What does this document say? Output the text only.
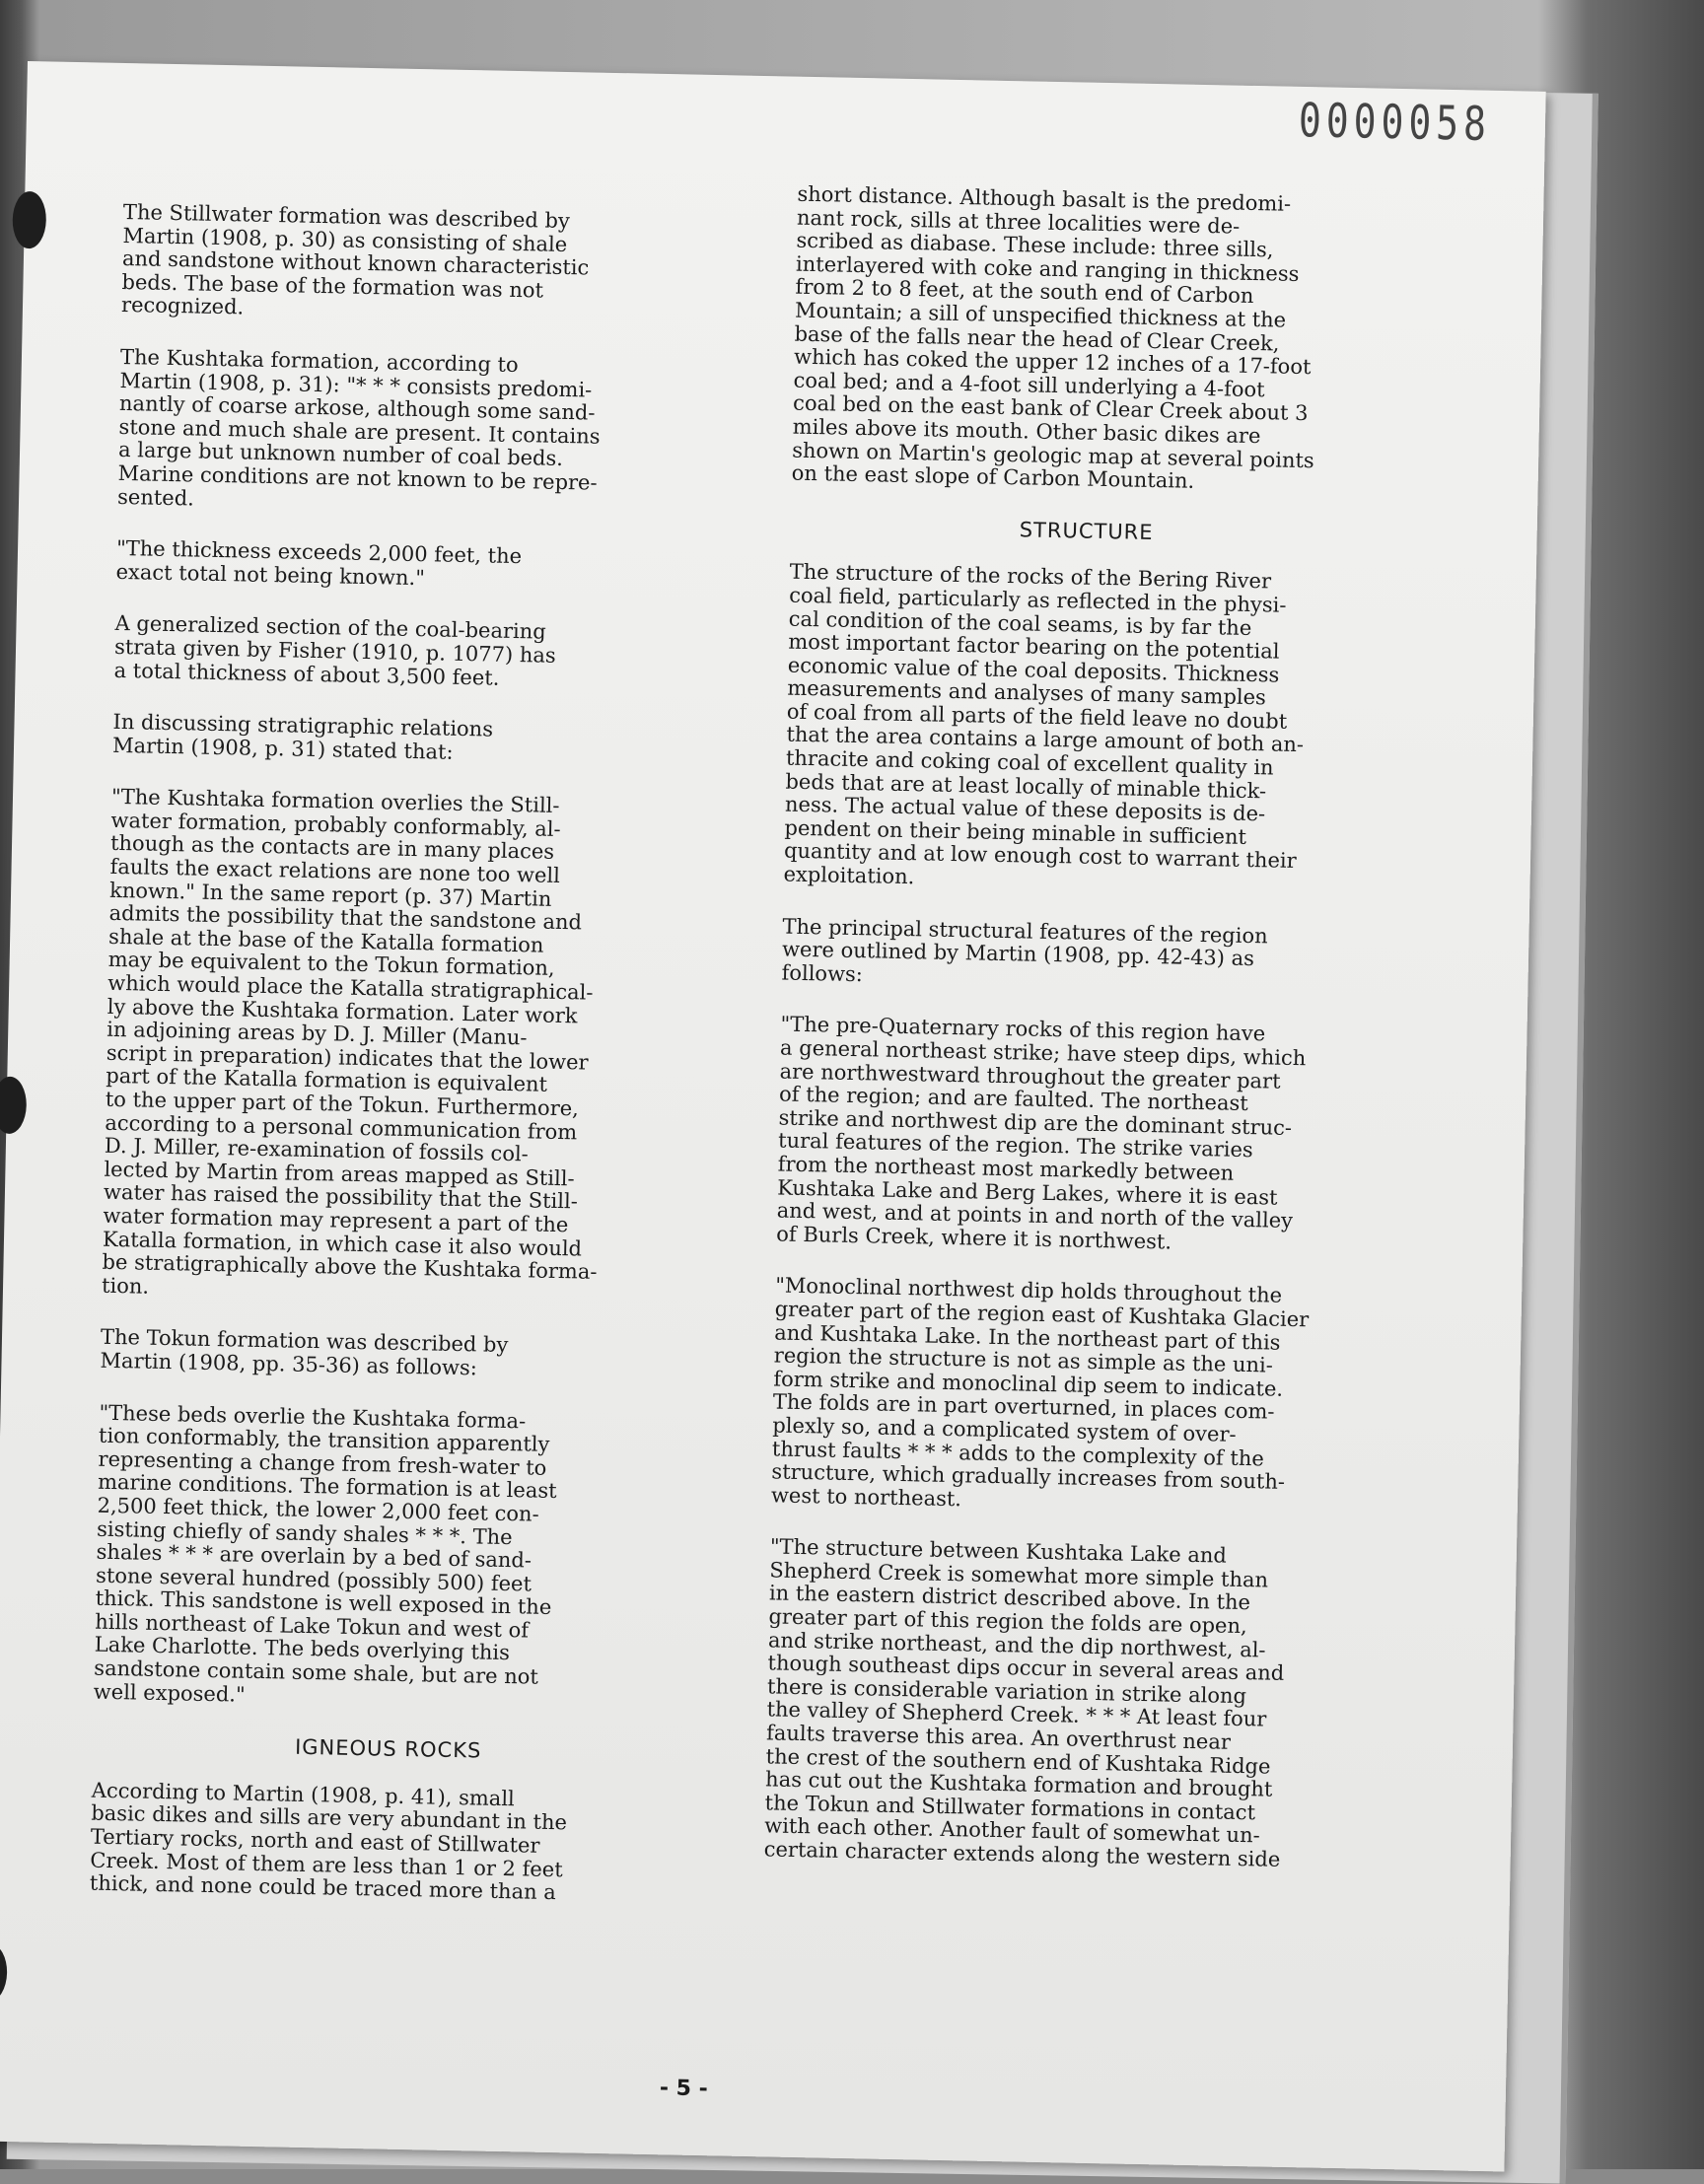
0000058
The Stillwater formation was described by
Martin (1908, p. 30) as consisting of shale
and sandstone without known characteristic
beds. The base of the formation was not
recognized.
The Kushtaka formation, according to
Martin (1908, p. 31): "* * * consists predomi-
nantly of coarse arkose, although some sand-
stone and much shale are present. It contains
a large but unknown number of coal beds.
Marine conditions are not known to be repre-
sented.
"The thickness exceeds 2,000 feet, the
exact total not being known."
A generalized section of the coal-bearing
strata given by Fisher (1910, p. 1077) has
a total thickness of about 3,500 feet.
In discussing stratigraphic relations
Martin (1908, p. 31) stated that:
"The Kushtaka formation overlies the Still-
water formation, probably conformably, al-
though as the contacts are in many places
faults the exact relations are none too well
known." In the same report (p. 37) Martin
admits the possibility that the sandstone and
shale at the base of the Katalla formation
may be equivalent to the Tokun formation,
which would place the Katalla stratigraphical-
ly above the Kushtaka formation. Later work
in adjoining areas by D. J. Miller (Manu-
script in preparation) indicates that the lower
part of the Katalla formation is equivalent
to the upper part of the Tokun. Furthermore,
according to a personal communication from
D. J. Miller, re-examination of fossils col-
lected by Martin from areas mapped as Still-
water has raised the possibility that the Still-
water formation may represent a part of the
Katalla formation, in which case it also would
be stratigraphically above the Kushtaka forma-
tion.
The Tokun formation was described by
Martin (1908, pp. 35-36) as follows:
"These beds overlie the Kushtaka forma-
tion conformably, the transition apparently
representing a change from fresh-water to
marine conditions. The formation is at least
2,500 feet thick, the lower 2,000 feet con-
sisting chiefly of sandy shales * * *. The
shales * * * are overlain by a bed of sand-
stone several hundred (possibly 500) feet
thick. This sandstone is well exposed in the
hills northeast of Lake Tokun and west of
Lake Charlotte. The beds overlying this
sandstone contain some shale, but are not
well exposed."
IGNEOUS ROCKS
According to Martin (1908, p. 41), small
basic dikes and sills are very abundant in the
Tertiary rocks, north and east of Stillwater
Creek. Most of them are less than 1 or 2 feet
thick, and none could be traced more than a
short distance. Although basalt is the predomi-
nant rock, sills at three localities were de-
scribed as diabase. These include: three sills,
interlayered with coke and ranging in thickness
from 2 to 8 feet, at the south end of Carbon
Mountain; a sill of unspecified thickness at the
base of the falls near the head of Clear Creek,
which has coked the upper 12 inches of a 17-foot
coal bed; and a 4-foot sill underlying a 4-foot
coal bed on the east bank of Clear Creek about 3
miles above its mouth. Other basic dikes are
shown on Martin's geologic map at several points
on the east slope of Carbon Mountain.
STRUCTURE
The structure of the rocks of the Bering River
coal field, particularly as reflected in the physi-
cal condition of the coal seams, is by far the
most important factor bearing on the potential
economic value of the coal deposits. Thickness
measurements and analyses of many samples
of coal from all parts of the field leave no doubt
that the area contains a large amount of both an-
thracite and coking coal of excellent quality in
beds that are at least locally of minable thick-
ness. The actual value of these deposits is de-
pendent on their being minable in sufficient
quantity and at low enough cost to warrant their
exploitation.
The principal structural features of the region
were outlined by Martin (1908, pp. 42-43) as
follows:
"The pre-Quaternary rocks of this region have
a general northeast strike; have steep dips, which
are northwestward throughout the greater part
of the region; and are faulted. The northeast
strike and northwest dip are the dominant struc-
tural features of the region. The strike varies
from the northeast most markedly between
Kushtaka Lake and Berg Lakes, where it is east
and west, and at points in and north of the valley
of Burls Creek, where it is northwest.
"Monoclinal northwest dip holds throughout the
greater part of the region east of Kushtaka Glacier
and Kushtaka Lake. In the northeast part of this
region the structure is not as simple as the uni-
form strike and monoclinal dip seem to indicate.
The folds are in part overturned, in places com-
plexly so, and a complicated system of over-
thrust faults * * * adds to the complexity of the
structure, which gradually increases from south-
west to northeast.
"The structure between Kushtaka Lake and
Shepherd Creek is somewhat more simple than
in the eastern district described above. In the
greater part of this region the folds are open,
and strike northeast, and the dip northwest, al-
though southeast dips occur in several areas and
there is considerable variation in strike along
the valley of Shepherd Creek. * * * At least four
faults traverse this area. An overthrust near
the crest of the southern end of Kushtaka Ridge
has cut out the Kushtaka formation and brought
the Tokun and Stillwater formations in contact
with each other. Another fault of somewhat un-
certain character extends along the western side
- 5 -
